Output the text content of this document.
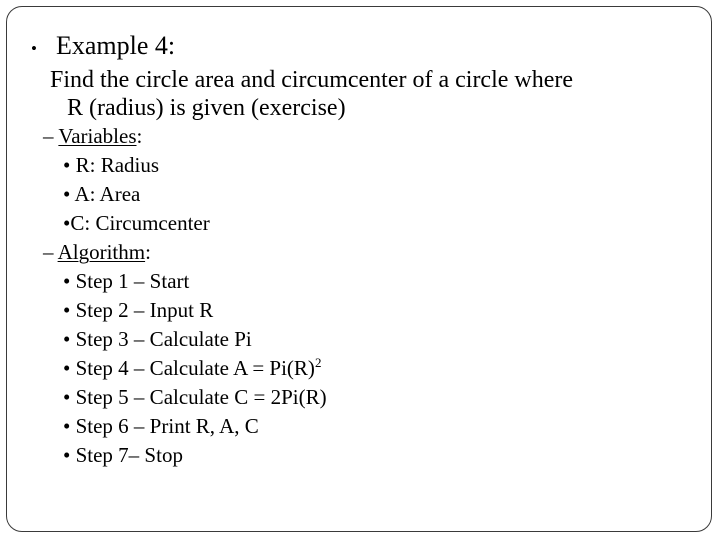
• Example 4:
Find the circle area and circumcenter of a circle where
R (radius) is given (exercise)
– Variables:
• R: Radius
• A: Area
•C: Circumcenter
– Algorithm:
• Step 1 – Start
• Step 2 – Input R
• Step 3 – Calculate Pi
• Step 4 – Calculate $A = Pi(R)^2$
• Step 5 – Calculate C = 2Pi(R)
• Step 6 – Print R, A, C
• Step 7– Stop
